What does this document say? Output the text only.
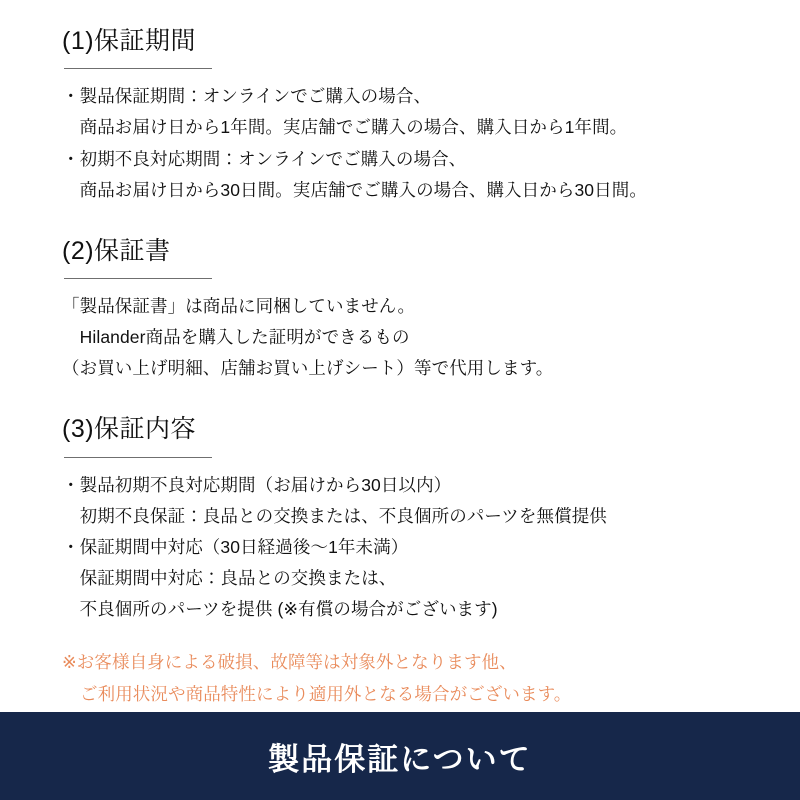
(1)保証期間
・製品保証期間：オンラインでご購入の場合、
　商品お届け日から1年間。実店舗でご購入の場合、購入日から1年間。
・初期不良対応期間：オンラインでご購入の場合、
　商品お届け日から30日間。実店舗でご購入の場合、購入日から30日間。
(2)保証書
「製品保証書」は商品に同梱していません。
　Hilander商品を購入した証明ができるもの
（お買い上げ明細、店舗お買い上げシート）等で代用します。
(3)保証内容
・製品初期不良対応期間（お届けから30日以内）
　初期不良保証：良品との交換または、不良個所のパーツを無償提供
・保証期間中対応（30日経過後〜1年未満）
　保証期間中対応：良品との交換または、
　不良個所のパーツを提供 (※有償の場合がございます)
※お客様自身による破損、故障等は対象外となります他、
ご利用状況や商品特性により適用外となる場合がございます。
製品保証について
